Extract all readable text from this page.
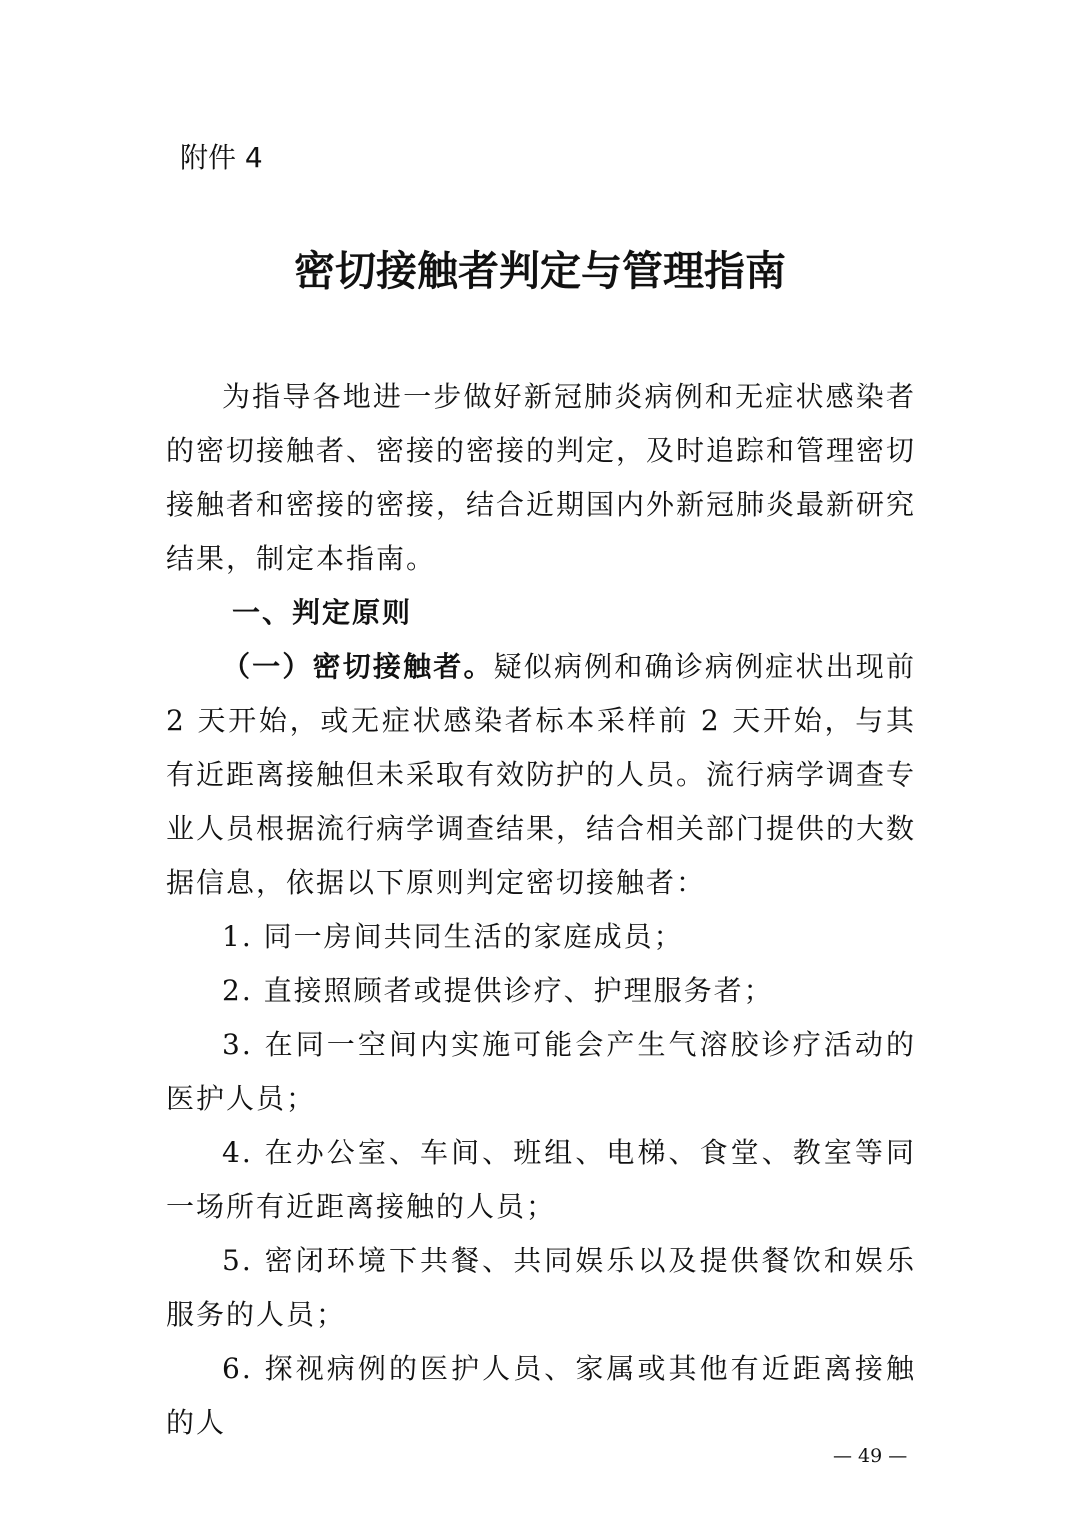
附件 4
密切接触者判定与管理指南
为指导各地进一步做好新冠肺炎病例和无症状感染者的密切接触者、密接的密接的判定，及时追踪和管理密切接触者和密接的密接，结合近期国内外新冠肺炎最新研究结果，制定本指南。
一、判定原则
（一）密切接触者。疑似病例和确诊病例症状出现前 2 天开始，或无症状感染者标本采样前 2 天开始，与其有近距离接触但未采取有效防护的人员。流行病学调查专业人员根据流行病学调查结果，结合相关部门提供的大数据信息，依据以下原则判定密切接触者：
1. 同一房间共同生活的家庭成员；
2. 直接照顾者或提供诊疗、护理服务者；
3. 在同一空间内实施可能会产生气溶胶诊疗活动的医护人员；
4. 在办公室、车间、班组、电梯、食堂、教室等同一场所有近距离接触的人员；
5. 密闭环境下共餐、共同娱乐以及提供餐饮和娱乐服务的人员；
6. 探视病例的医护人员、家属或其他有近距离接触的人
— 49 —
